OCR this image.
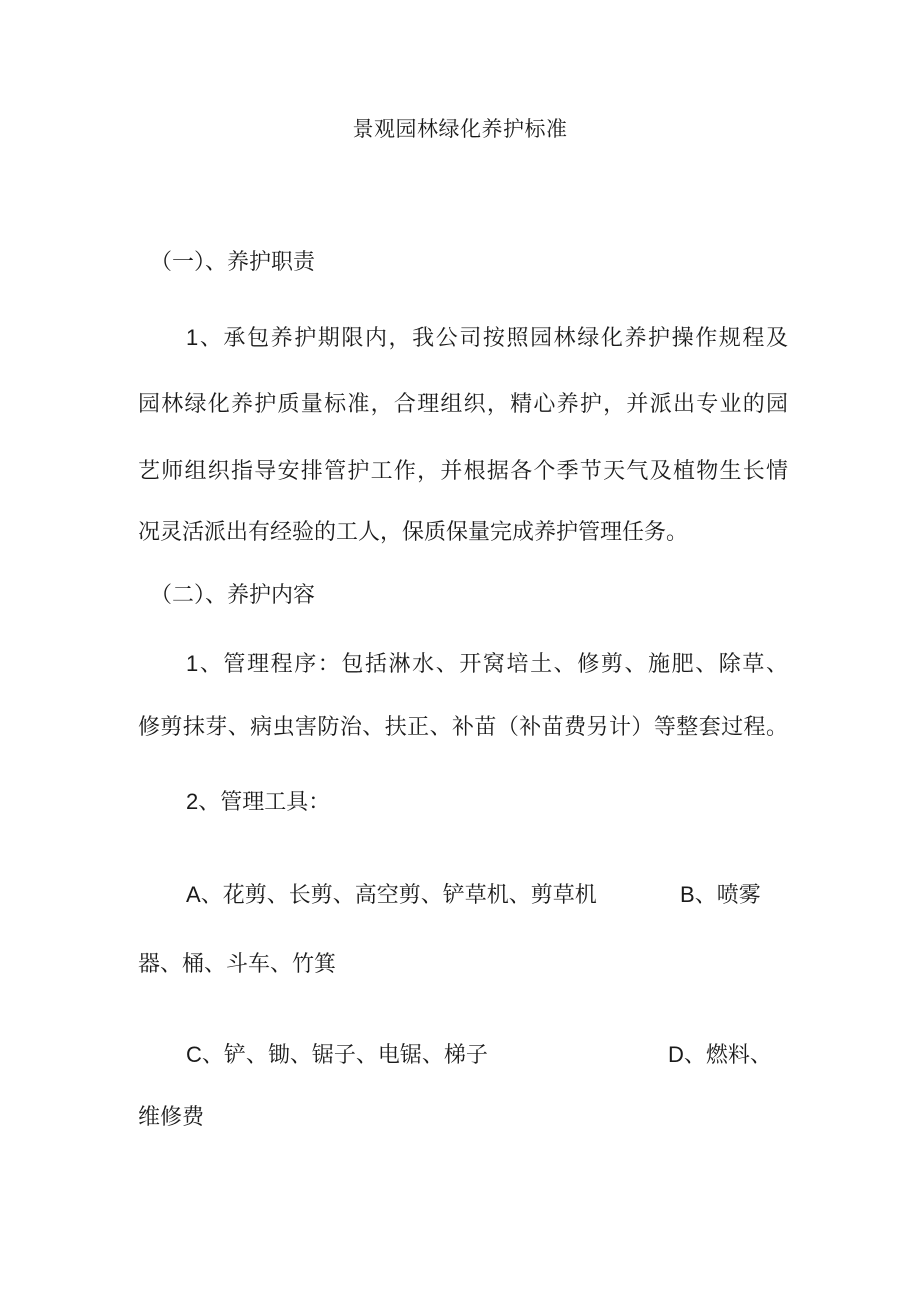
景观园林绿化养护标准
（一）、养护职责
1、承包养护期限内，我公司按照园林绿化养护操作规程及
园林绿化养护质量标准，合理组织，精心养护，并派出专业的园
艺师组织指导安排管护工作，并根据各个季节天气及植物生长情
况灵活派出有经验的工人，保质保量完成养护管理任务。
（二）、养护内容
1、管理程序：包括淋水、开窝培土、修剪、施肥、除草、
修剪抹芽、病虫害防治、扶正、补苗（补苗费另计）等整套过程。
2、管理工具：
A、花剪、长剪、高空剪、铲草机、剪草机	B、喷雾
器、桶、斗车、竹箕
C、铲、锄、锯子、电锯、梯子	D、燃料、
维修费
